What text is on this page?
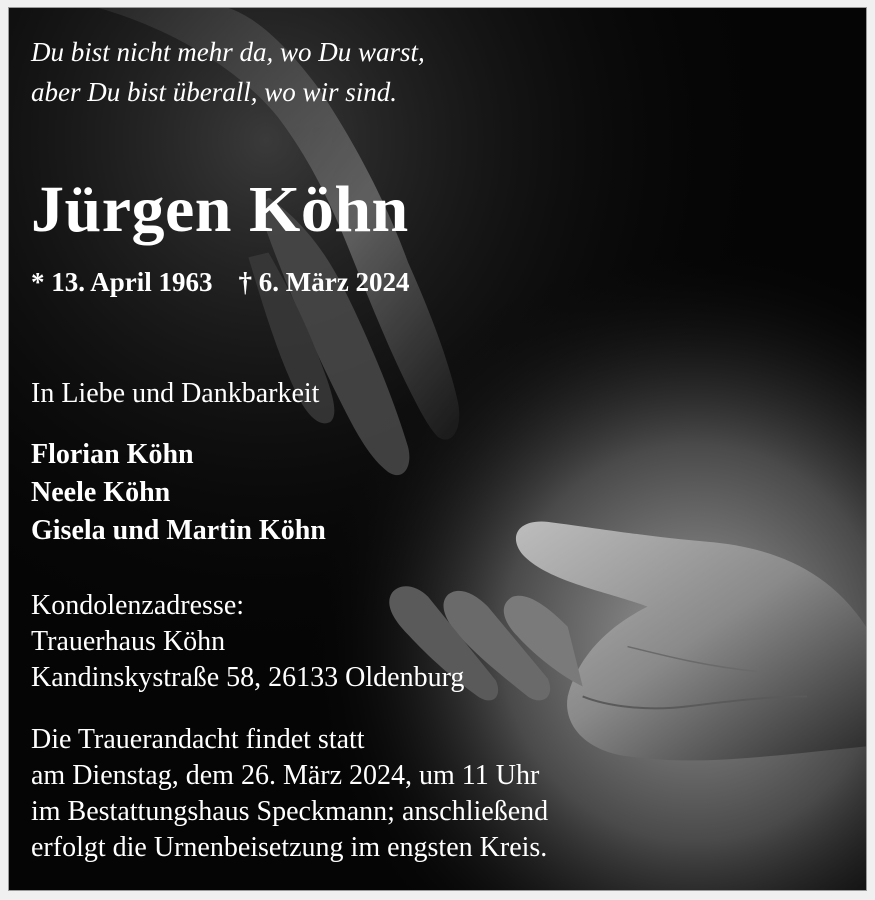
Du bist nicht mehr da, wo Du warst,
aber Du bist überall, wo wir sind.
Jürgen Köhn
* 13. April 1963 † 6. März 2024
In Liebe und Dankbarkeit
Florian Köhn
Neele Köhn
Gisela und Martin Köhn
Kondolenzadresse:
Trauerhaus Köhn
Kandinskystraße 58, 26133 Oldenburg
Die Trauerandacht findet statt
am Dienstag, dem 26. März 2024, um 11 Uhr
im Bestattungshaus Speckmann; anschließend
erfolgt die Urnenbeisetzung im engsten Kreis.
